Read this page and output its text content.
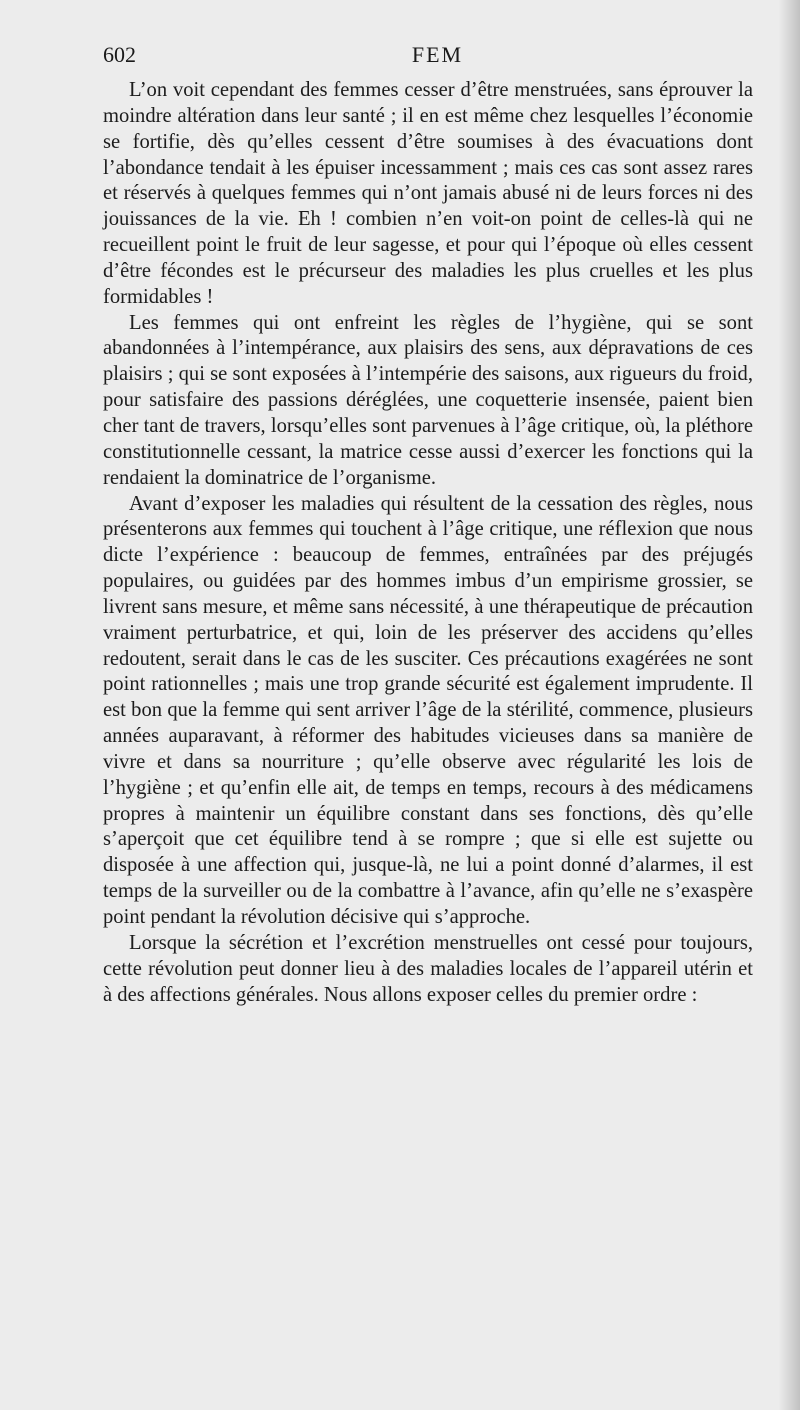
602	FEM

L’on voit cependant des femmes cesser d’être menstruées, sans éprouver la moindre altération dans leur santé ; il en est même chez lesquelles l’économie se fortifie, dès qu’elles cessent d’être soumises à des évacuations dont l’abondance tendait à les épuiser incessamment ; mais ces cas sont assez rares et réservés à quelques femmes qui n’ont jamais abusé ni de leurs forces ni des jouissances de la vie. Eh ! combien n’en voit-on point de celles-là qui ne recueillent point le fruit de leur sagesse, et pour qui l’époque où elles cessent d’être fécondes est le précurseur des maladies les plus cruelles et les plus formidables !

Les femmes qui ont enfreint les règles de l’hygiène, qui se sont abandonnées à l’intempérance, aux plaisirs des sens, aux dépravations de ces plaisirs ; qui se sont exposées à l’intempérie des saisons, aux rigueurs du froid, pour satisfaire des passions déréglées, une coquetterie insensée, paient bien cher tant de travers, lorsqu’elles sont parvenues à l’âge critique, où, la pléthore constitutionnelle cessant, la matrice cesse aussi d’exercer les fonctions qui la rendaient la dominatrice de l’organisme.

Avant d’exposer les maladies qui résultent de la cessation des règles, nous présenterons aux femmes qui touchent à l’âge critique, une réflexion que nous dicte l’expérience : beaucoup de femmes, entraînées par des préjugés populaires, ou guidées par des hommes imbus d’un empirisme grossier, se livrent sans mesure, et même sans nécessité, à une thérapeutique de précaution vraiment perturbatrice, et qui, loin de les préserver des accidens qu’elles redoutent, serait dans le cas de les susciter. Ces précautions exagérées ne sont point rationnelles ; mais une trop grande sécurité est également imprudente. Il est bon que la femme qui sent arriver l’âge de la stérilité, commence, plusieurs années auparavant, à réformer des habitudes vicieuses dans sa manière de vivre et dans sa nourriture ; qu’elle observe avec régularité les lois de l’hygiène ; et qu’enfin elle ait, de temps en temps, recours à des médicamens propres à maintenir un équilibre constant dans ses fonctions, dès qu’elle s’aperçoit que cet équilibre tend à se rompre ; que si elle est sujette ou disposée à une affection qui, jusque-là, ne lui a point donné d’alarmes, il est temps de la surveiller ou de la combattre à l’avance, afin qu’elle ne s’exaspère point pendant la révolution décisive qui s’approche.

Lorsque la sécrétion et l’excrétion menstruelles ont cessé pour toujours, cette révolution peut donner lieu à des maladies locales de l’appareil utérin et à des affections générales. Nous allons exposer celles du premier ordre :
